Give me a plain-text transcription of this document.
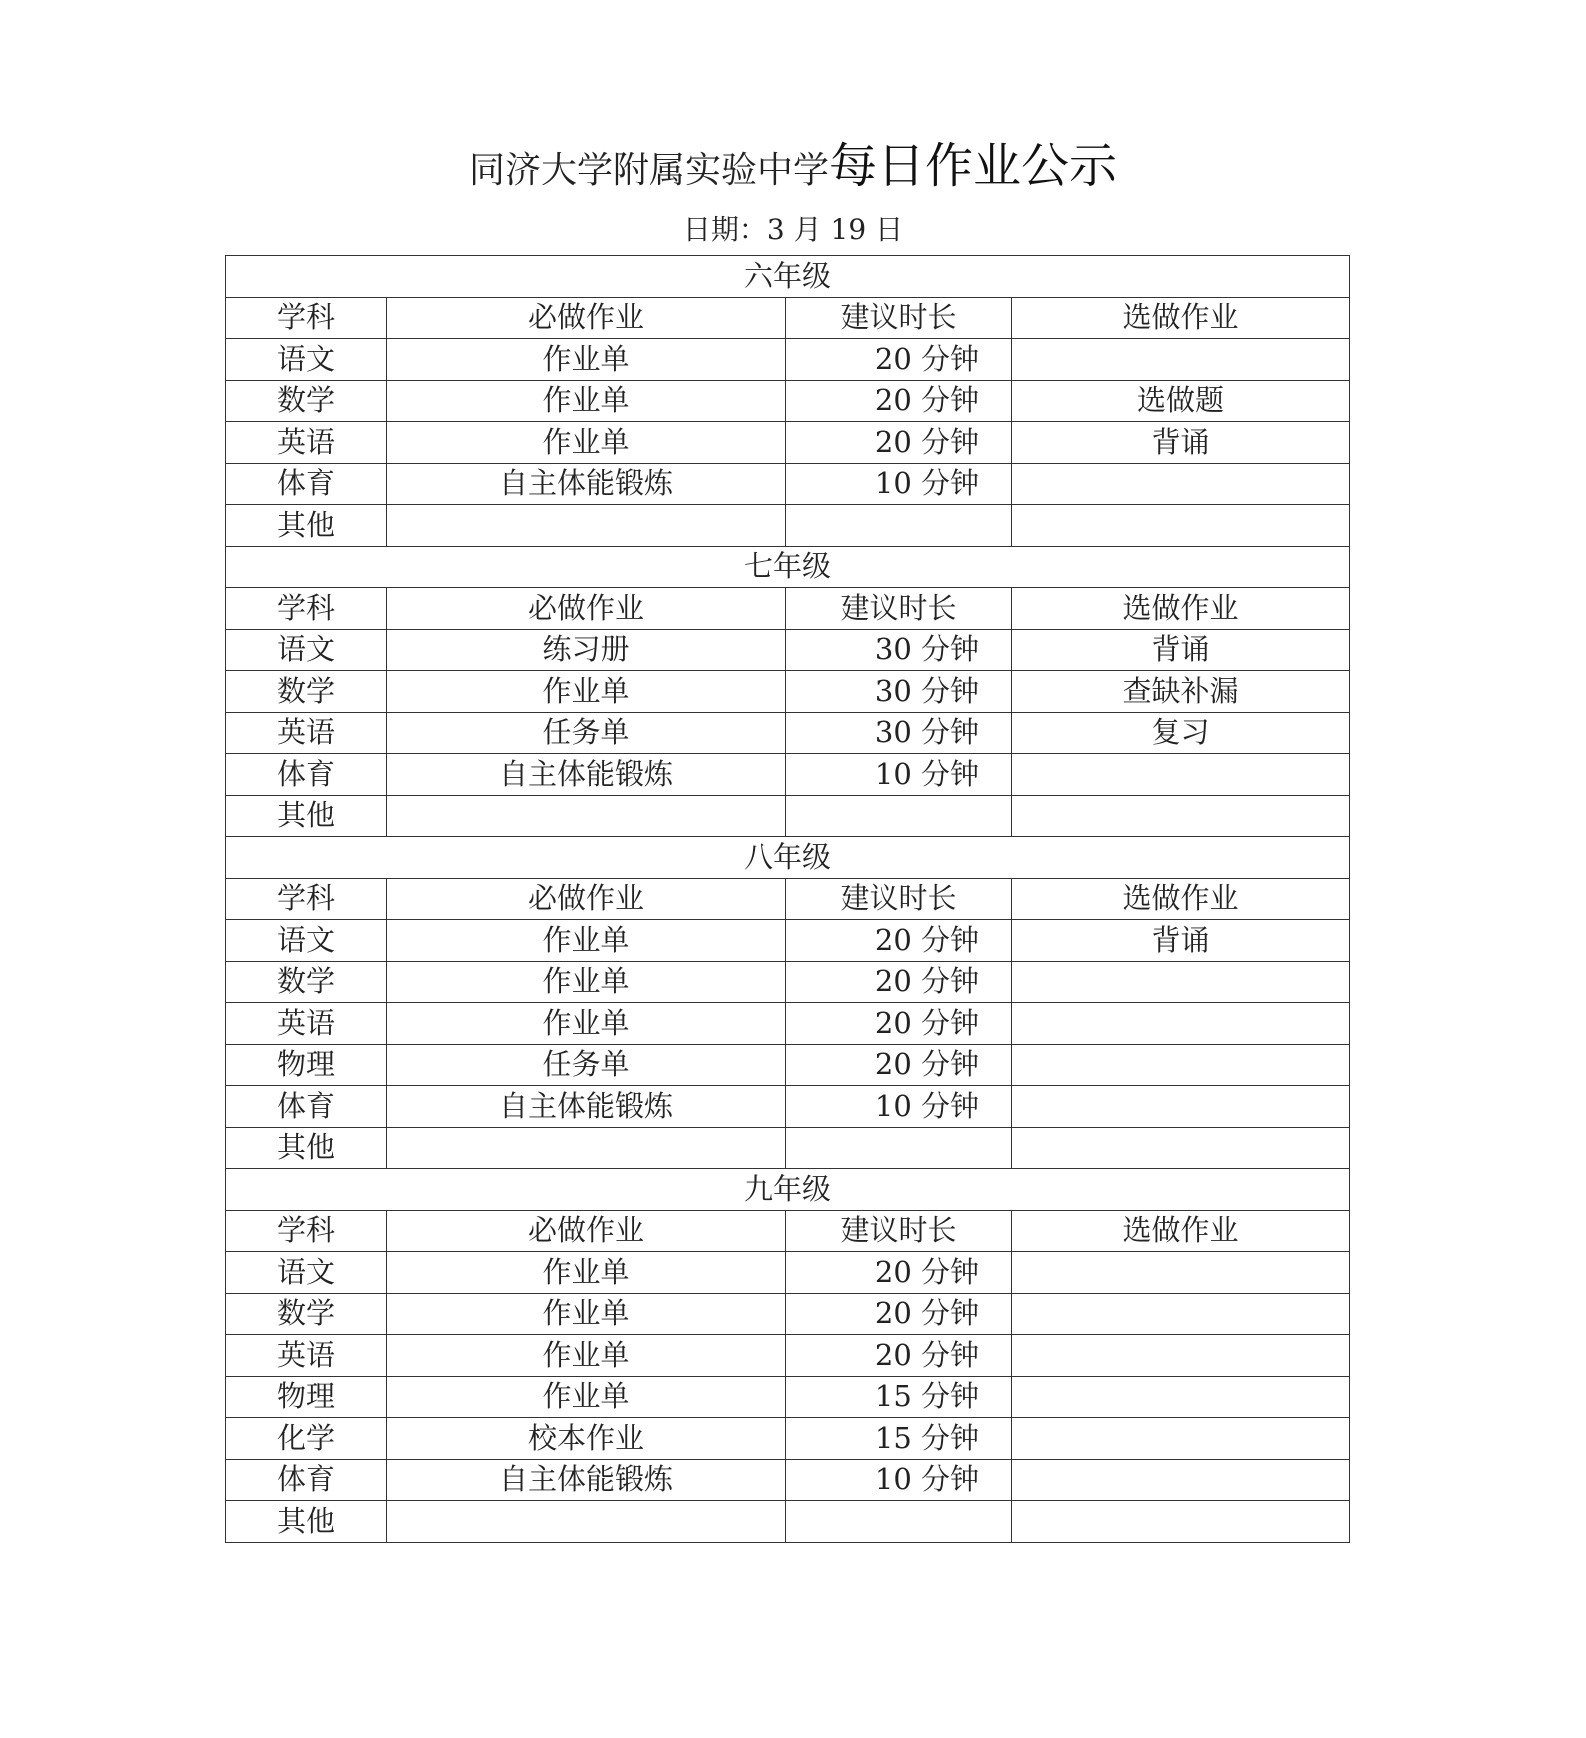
同济大学附属实验中学每日作业公示
日期：3 月 19 日
六年级			
学科	必做作业	建议时长	选做作业
语文	作业单	20 分钟	
数学	作业单	20 分钟	选做题
英语	作业单	20 分钟	背诵
体育	自主体能锻炼	10 分钟	
其他			
七年级			
学科	必做作业	建议时长	选做作业
语文	练习册	30 分钟	背诵
数学	作业单	30 分钟	查缺补漏
英语	任务单	30 分钟	复习
体育	自主体能锻炼	10 分钟	
其他			
八年级			
学科	必做作业	建议时长	选做作业
语文	作业单	20 分钟	背诵
数学	作业单	20 分钟	
英语	作业单	20 分钟	
物理	任务单	20 分钟	
体育	自主体能锻炼	10 分钟	
其他			
九年级			
学科	必做作业	建议时长	选做作业
语文	作业单	20 分钟	
数学	作业单	20 分钟	
英语	作业单	20 分钟	
物理	作业单	15 分钟	
化学	校本作业	15 分钟	
体育	自主体能锻炼	10 分钟	
其他			
